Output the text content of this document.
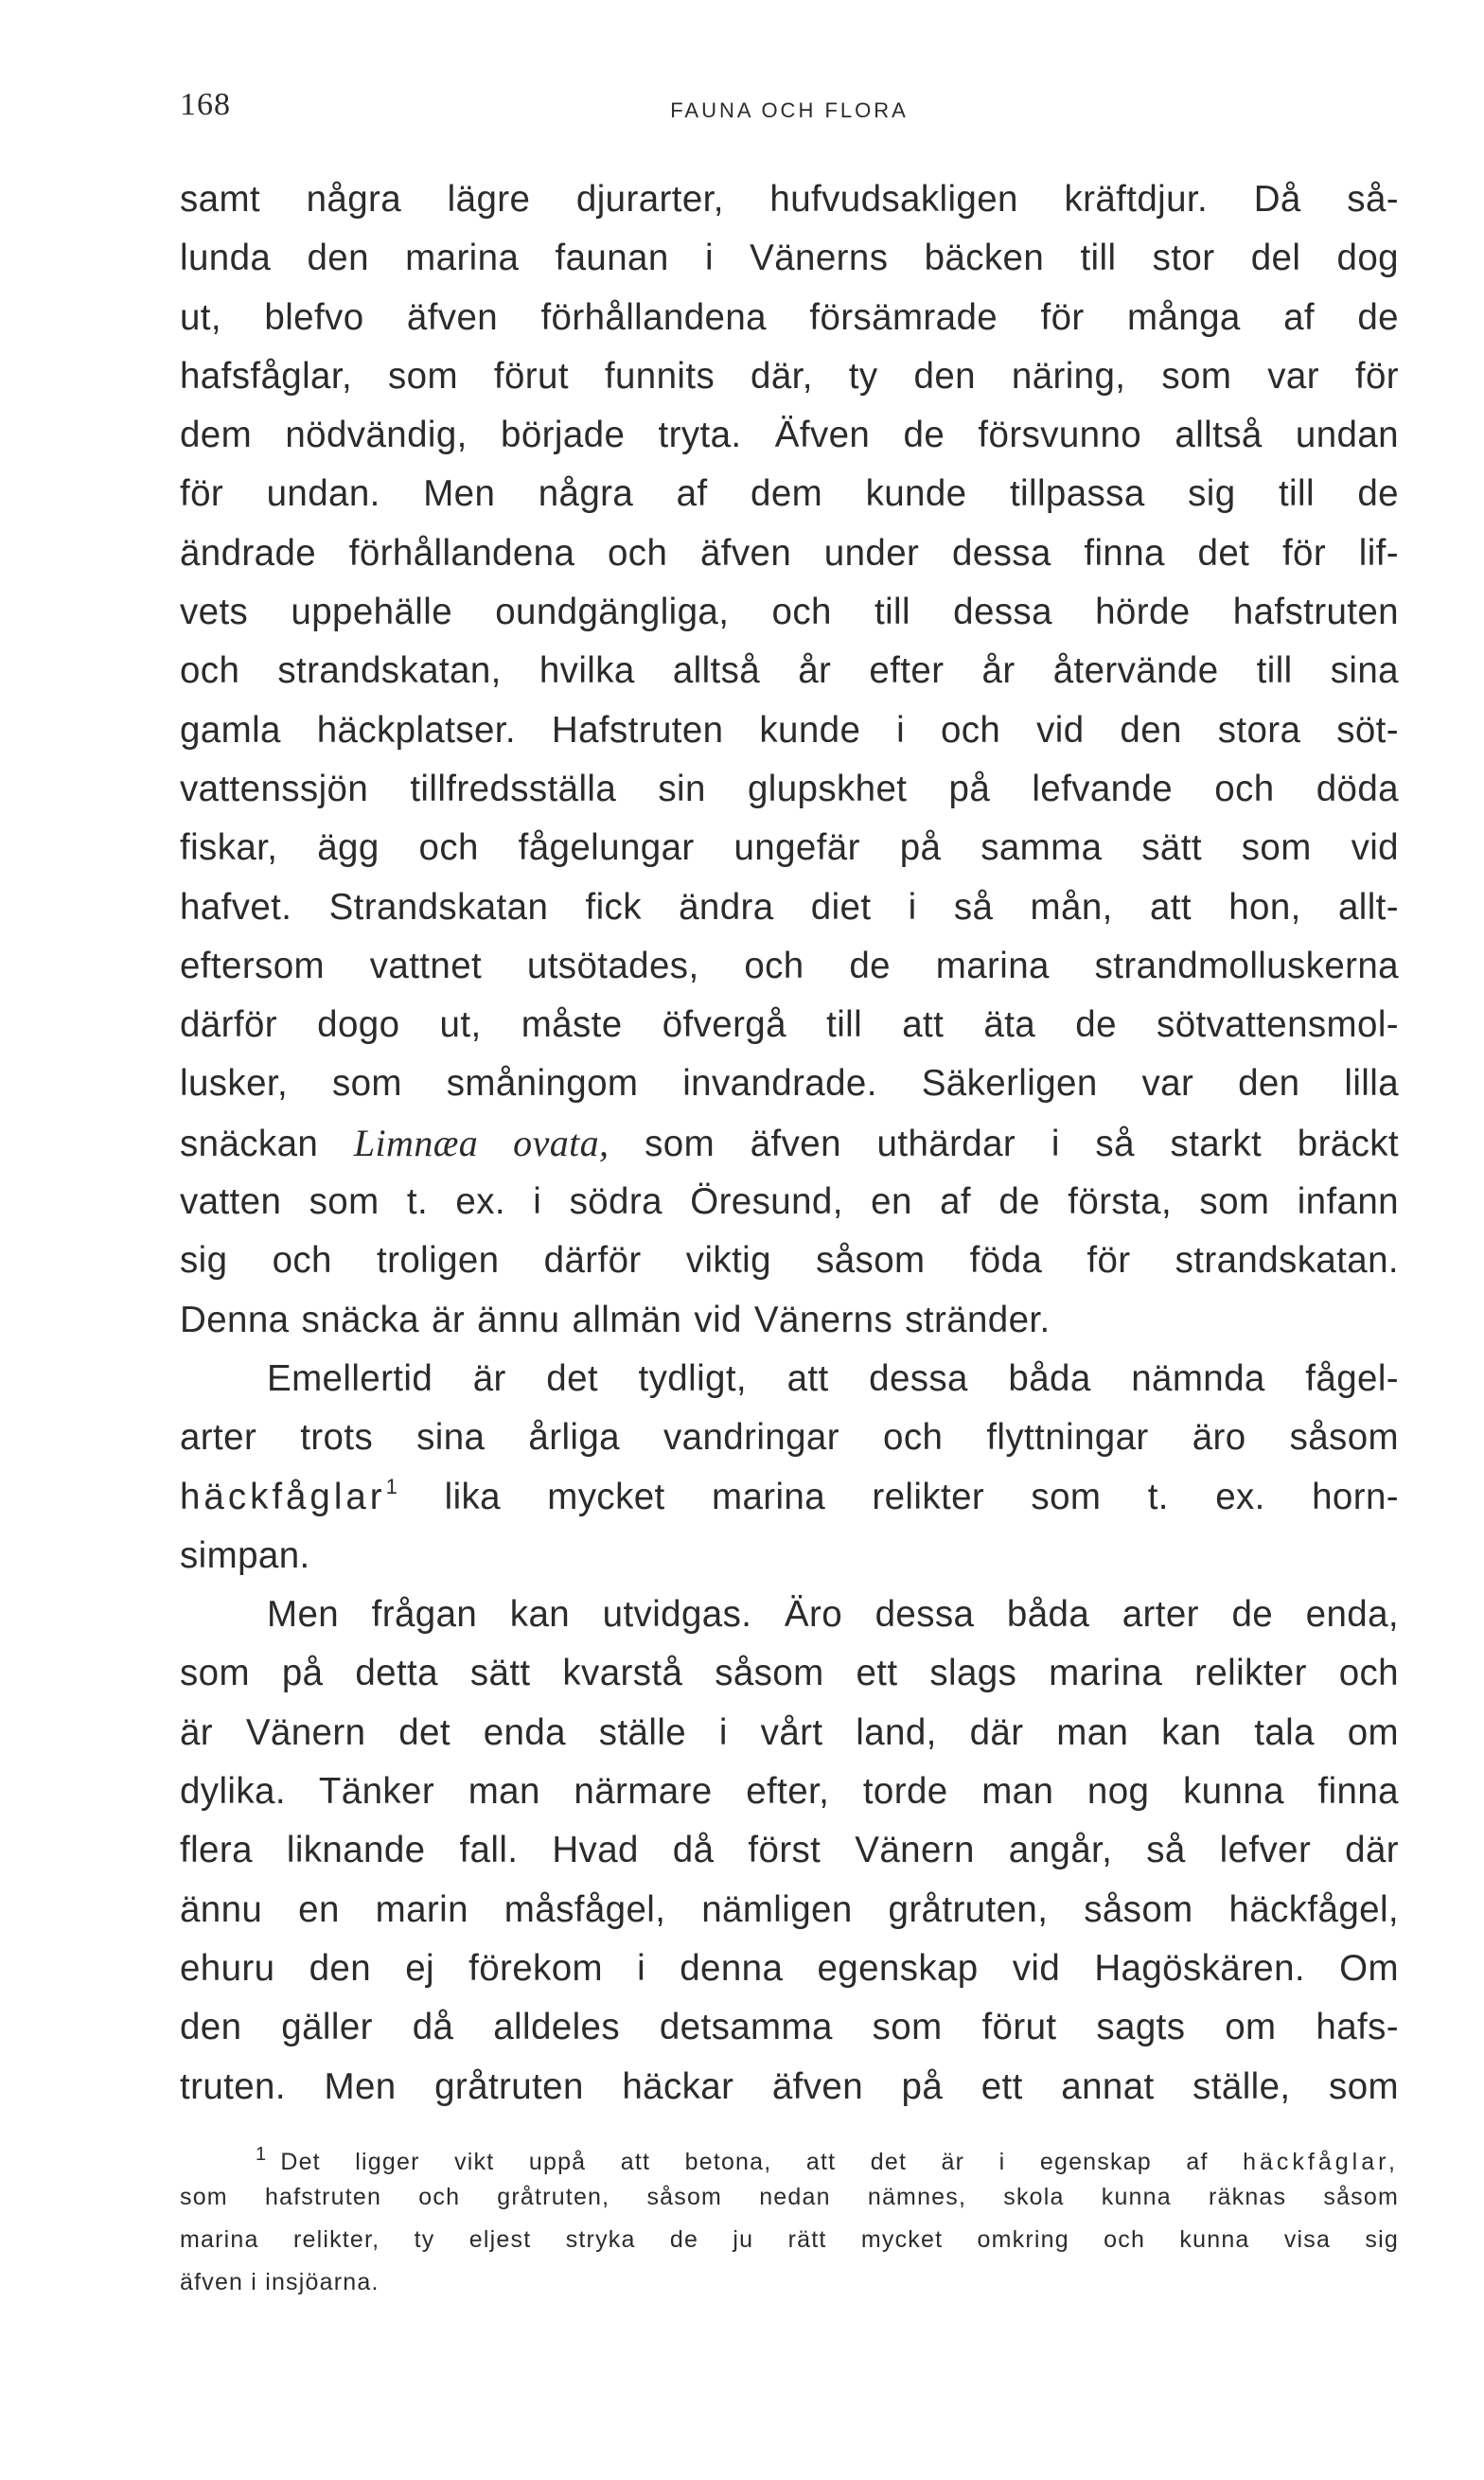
168	FAUNA OCH FLORA
samt några lägre djurarter, hufvudsakligen kräftdjur. Då så-
lunda den marina faunan i Vänerns bäcken till stor del dog
ut, blefvo äfven förhållandena försämrade för många af de
hafsfåglar, som förut funnits där, ty den näring, som var för
dem nödvändig, började tryta. Äfven de försvunno alltså undan
för undan. Men några af dem kunde tillpassa sig till de
ändrade förhållandena och äfven under dessa finna det för lif-
vets uppehälle oundgängliga, och till dessa hörde hafstruten
och strandskatan, hvilka alltså år efter år återvände till sina
gamla häckplatser. Hafstruten kunde i och vid den stora söt-
vattenssjön tillfredsställa sin glupskhet på lefvande och döda
fiskar, ägg och fågelungar ungefär på samma sätt som vid
hafvet. Strandskatan fick ändra diet i så mån, att hon, allt-
eftersom vattnet utsötades, och de marina strandmolluskerna
därför dogo ut, måste öfvergå till att äta de sötvattensmol-
lusker, som småningom invandrade. Säkerligen var den lilla
snäckan Limnæa ovata, som äfven uthärdar i så starkt bräckt
vatten som t. ex. i södra Öresund, en af de första, som infann
sig och troligen därför viktig såsom föda för strandskatan.
Denna snäcka är ännu allmän vid Vänerns stränder.
Emellertid är det tydligt, att dessa båda nämnda fågel-
arter trots sina årliga vandringar och flyttningar äro såsom
häckfåglar$^1$ lika mycket marina relikter som t. ex. horn-
simpan.
Men frågan kan utvidgas. Äro dessa båda arter de enda,
som på detta sätt kvarstå såsom ett slags marina relikter och
är Vänern det enda ställe i vårt land, där man kan tala om
dylika. Tänker man närmare efter, torde man nog kunna finna
flera liknande fall. Hvad då först Vänern angår, så lefver där
ännu en marin måsfågel, nämligen gråtruten, såsom häckfågel,
ehuru den ej förekom i denna egenskap vid Hagöskären. Om
den gäller då alldeles detsamma som förut sagts om hafs-
truten. Men gråtruten häckar äfven på ett annat ställe, som
$^1$ Det ligger vikt uppå att betona, att det är i egenskap af häckfåglar,
som hafstruten och gråtruten, såsom nedan nämnes, skola kunna räknas såsom
marina relikter, ty eljest stryka de ju rätt mycket omkring och kunna visa sig
äfven i insjöarna.
